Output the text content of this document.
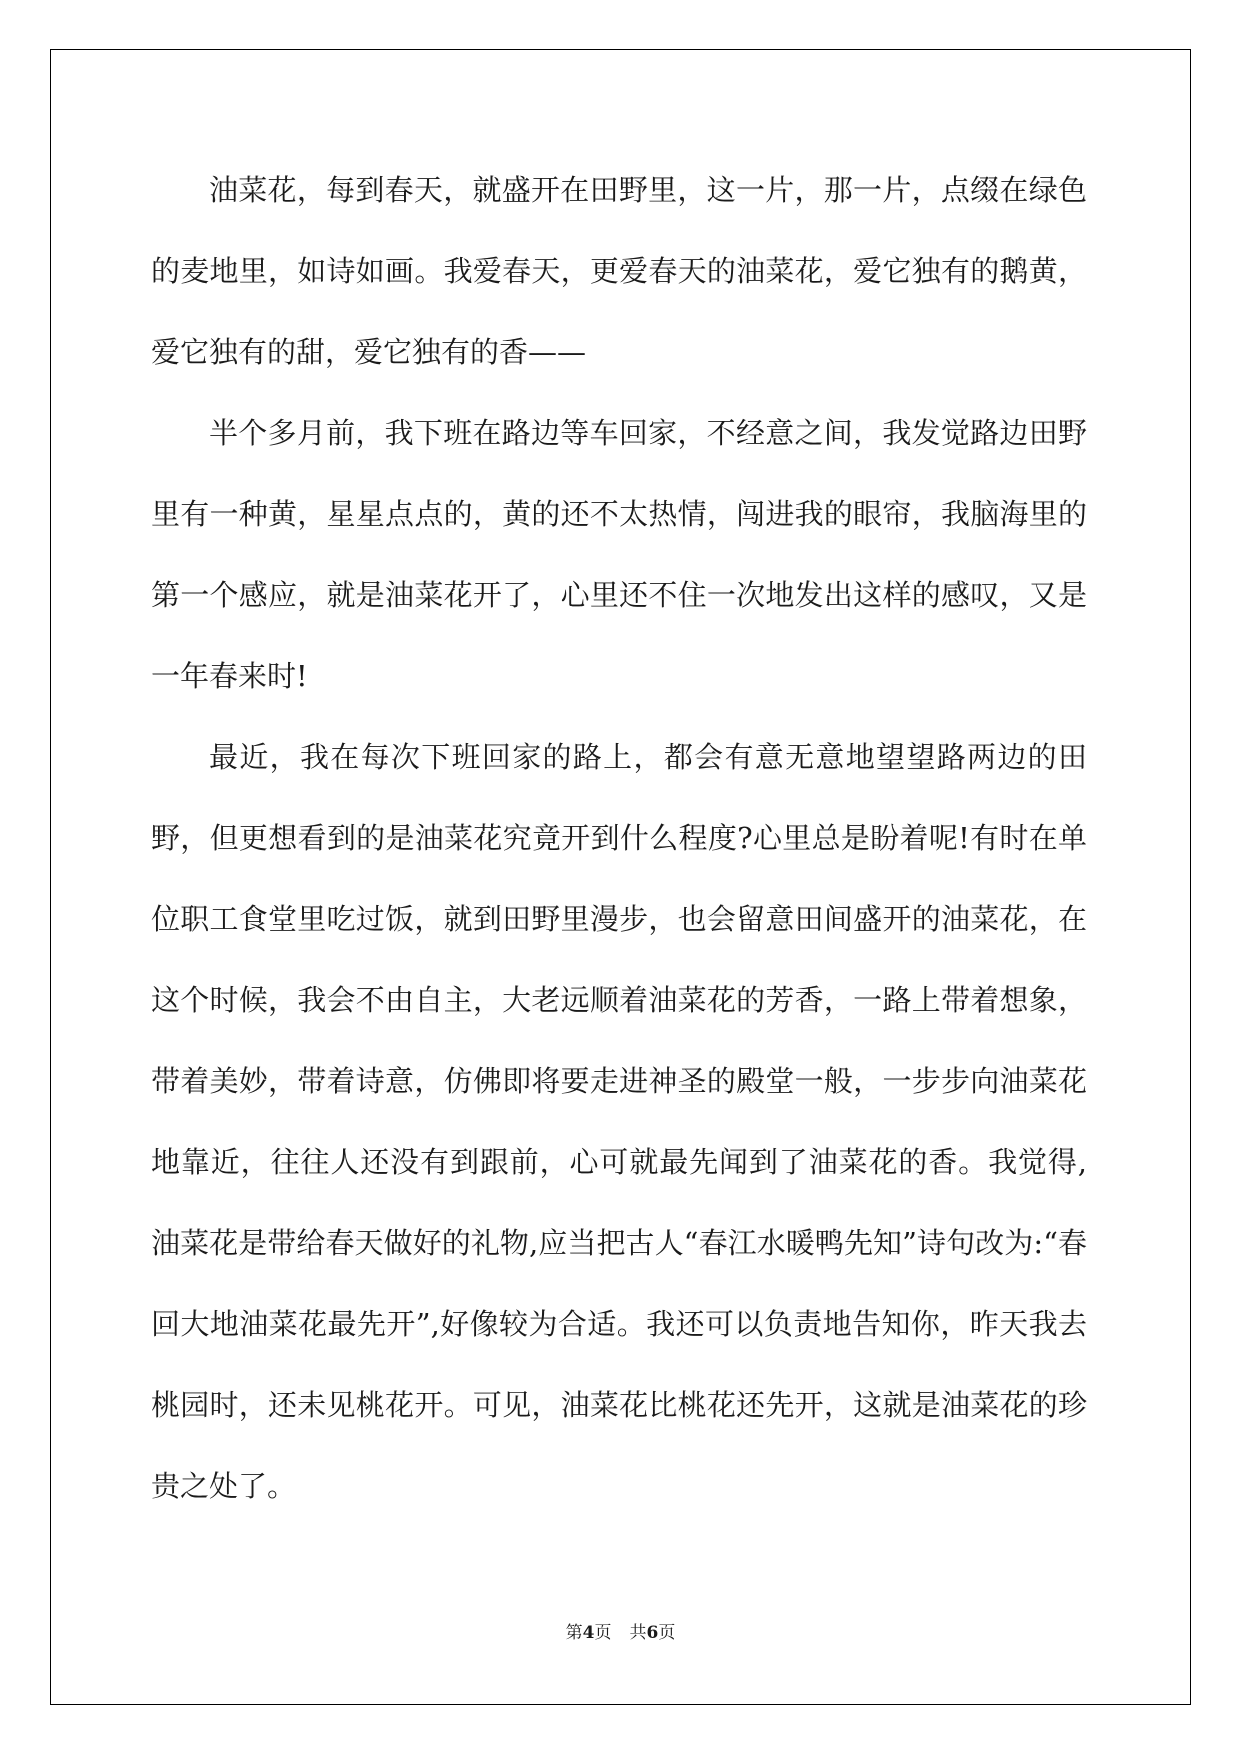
油菜花，每到春天，就盛开在田野里，这一片，那一片，点缀在绿色的麦地里，如诗如画。我爱春天，更爱春天的油菜花，爱它独有的鹅黄，爱它独有的甜，爱它独有的香——

半个多月前，我下班在路边等车回家，不经意之间，我发觉路边田野里有一种黄，星星点点的，黄的还不太热情，闯进我的眼帘，我脑海里的第一个感应，就是油菜花开了，心里还不住一次地发出这样的感叹，又是一年春来时!

最近，我在每次下班回家的路上，都会有意无意地望望路两边的田野，但更想看到的是油菜花究竟开到什么程度?心里总是盼着呢!有时在单位职工食堂里吃过饭，就到田野里漫步，也会留意田间盛开的油菜花，在这个时候，我会不由自主，大老远顺着油菜花的芳香，一路上带着想象，带着美妙，带着诗意，仿佛即将要走进神圣的殿堂一般，一步步向油菜花地靠近，往往人还没有到跟前，心可就最先闻到了油菜花的香。我觉得,油菜花是带给春天做好的礼物,应当把古人“春江水暖鸭先知”诗句改为:“春回大地油菜花最先开”,好像较为合适。我还可以负责地告知你，昨天我去桃园时，还未见桃花开。可见，油菜花比桃花还先开，这就是油菜花的珍贵之处了。

第4页 共6页
